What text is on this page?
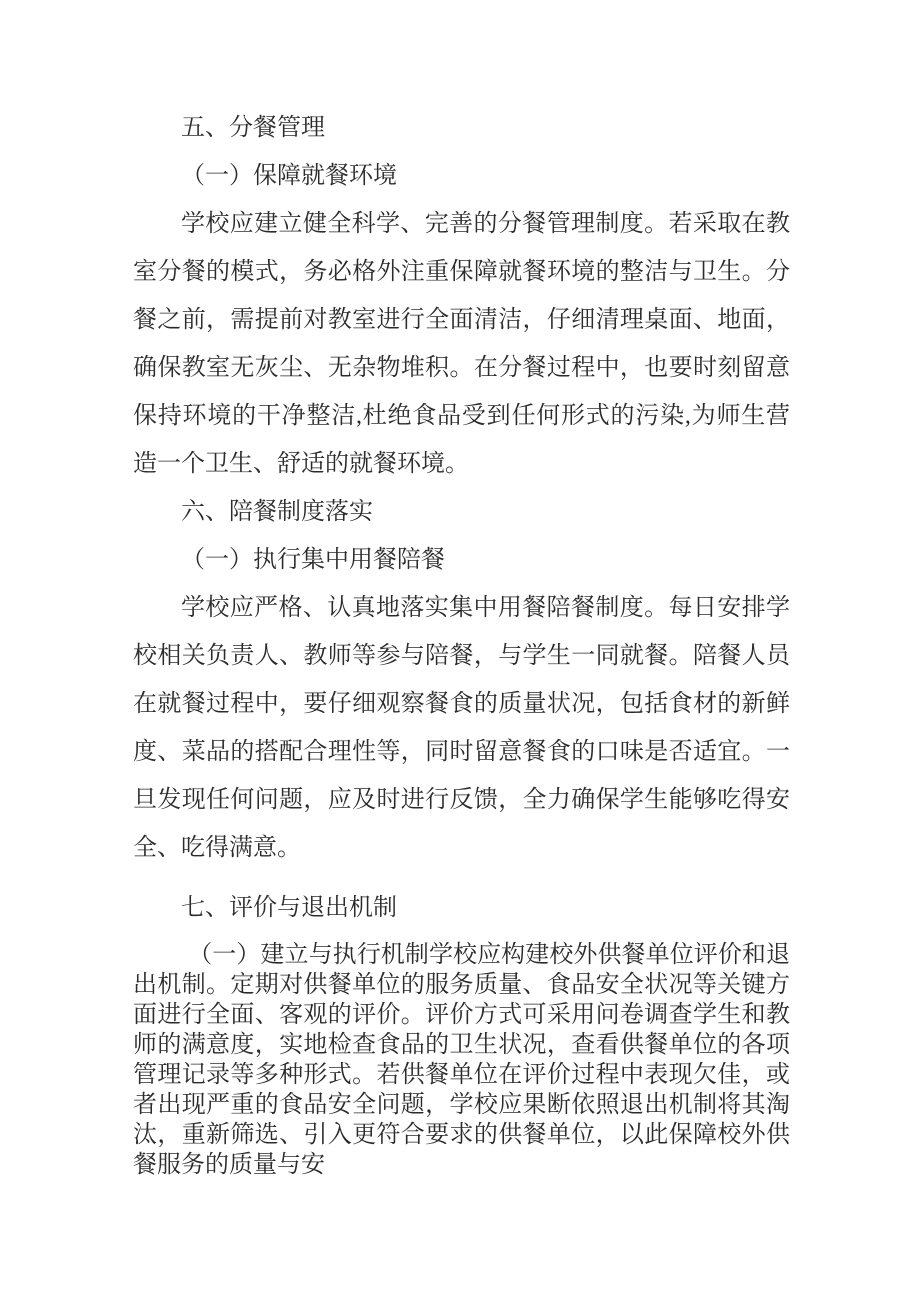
五、分餐管理
（一）保障就餐环境

学校应建立健全科学、完善的分餐管理制度。若采取在教室分餐的模式，务必格外注重保障就餐环境的整洁与卫生。分餐之前，需提前对教室进行全面清洁，仔细清理桌面、地面，确保教室无灰尘、无杂物堆积。在分餐过程中，也要时刻留意保持环境的干净整洁,杜绝食品受到任何形式的污染,为师生营造一个卫生、舒适的就餐环境。

六、陪餐制度落实
（一）执行集中用餐陪餐

学校应严格、认真地落实集中用餐陪餐制度。每日安排学校相关负责人、教师等参与陪餐，与学生一同就餐。陪餐人员在就餐过程中，要仔细观察餐食的质量状况，包括食材的新鲜度、菜品的搭配合理性等，同时留意餐食的口味是否适宜。一旦发现任何问题，应及时进行反馈，全力确保学生能够吃得安全、吃得满意。

七、评价与退出机制

（一）建立与执行机制学校应构建校外供餐单位评价和退出机制。定期对供餐单位的服务质量、食品安全状况等关键方面进行全面、客观的评价。评价方式可采用问卷调查学生和教师的满意度，实地检查食品的卫生状况，查看供餐单位的各项管理记录等多种形式。若供餐单位在评价过程中表现欠佳，或者出现严重的食品安全问题，学校应果断依照退出机制将其淘汰，重新筛选、引入更符合要求的供餐单位，以此保障校外供餐服务的质量与安
